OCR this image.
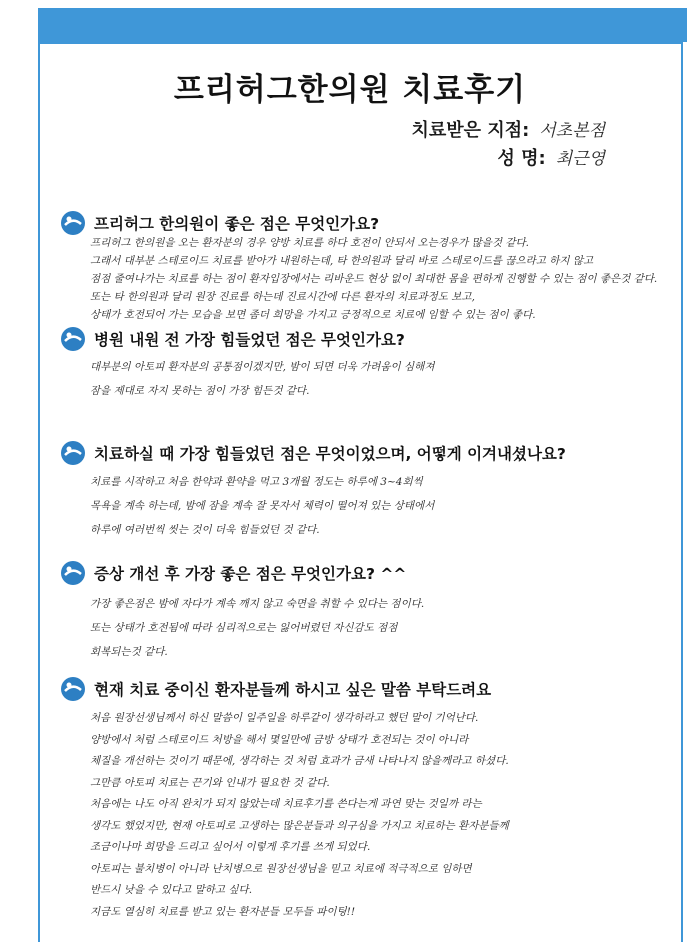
프리허그한의원 치료후기
치료받은 지점: 서초본점
성 명: 최근영
프리허그 한의원이 좋은 점은 무엇인가요?
프리허그 한의원을 오는 환자분의 경우 양방 치료를 하다 호전이 안되서 오는경우가 많을것 같다.
그래서 대부분 스테로이드 치료를 받아가 내원하는데, 타 한의원과 달리 바로 스테로이드를 끊으라고 하지 않고
점점 줄여나가는 치료를 하는 점이 환자입장에서는 리바운드 현상 없이 최대한 몸을 편하게 진행할 수 있는 점이 좋은것 같다.
또는 타 한의원과 달리 원장 진료를 하는데 진료시간에 다른 환자의 치료과정도 보고,
상태가 호전되어 가는 모습을 보면 좀더 희망을 가지고 긍정적으로 치료에 임할 수 있는 점이 좋다.
병원 내원 전 가장 힘들었던 점은 무엇인가요?
대부분의 아토피 환자분의 공통점이겠지만, 밤이 되면 더욱 가려움이 심해져
잠을 제대로 자지 못하는 점이 가장 힘든것 같다.
치료하실 때 가장 힘들었던 점은 무엇이었으며, 어떻게 이겨내셨나요?
치료를 시작하고 처음 한약과 환약을 먹고 3개월 정도는 하루에 3~4회씩
목욕을 계속 하는데, 밤에 잠을 계속 잘 못자서 체력이 떨어져 있는 상태에서
하루에 여러번씩 씻는 것이 더욱 힘들었던 것 같다.
증상 개선 후 가장 좋은 점은 무엇인가요? ^^
가장 좋은점은 밤에 자다가 계속 깨지 않고 숙면을 취할 수 있다는 점이다.
또는 상태가 호전됨에 따라 심리적으로는 잃어버렸던 자신감도 점점
회복되는것 같다.
현재 치료 중이신 환자분들께 하시고 싶은 말씀 부탁드려요
처음 원장선생님께서 하신 말씀이 일주일을 하루같이 생각하라고 했던 말이 기억난다.
양방에서 처럼 스테로이드 처방을 해서 몇일만에 금방 상태가 호전되는 것이 아니라
체질을 개선하는 것이기 때문에, 생각하는 것 처럼 효과가 금새 나타나지 않을께라고 하셨다.
그만큼 아토피 치료는 끈기와 인내가 필요한 것 같다.
처음에는 나도 아직 완치가 되지 않았는데 치료후기를 쓴다는게 과연 맞는 것일까 라는
생각도 했었지만, 현재 아토피로 고생하는 많은분들과 의구심을 가지고 치료하는 환자분들께
조금이나마 희망을 드리고 싶어서 이렇게 후기를 쓰게 되었다.
아토피는 불치병이 아니라 난치병으로 원장선생님을 믿고 치료에 적극적으로 임하면
반드시 낫을 수 있다고 말하고 싶다.
지금도 열심히 치료를 받고 있는 환자분들 모두들 파이팅!!
